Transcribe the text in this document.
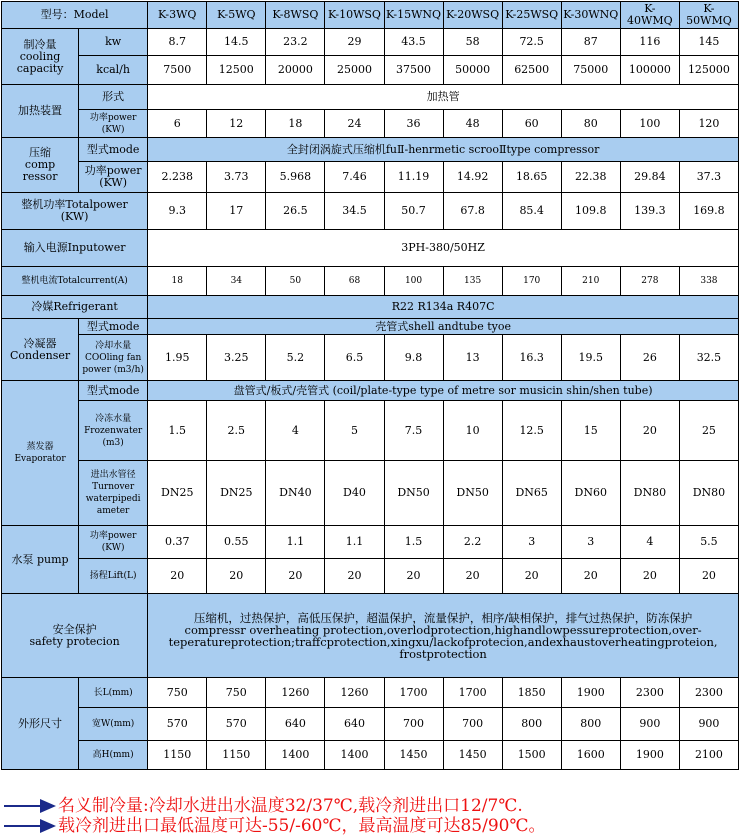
型号：Model		K-3WQ	K-5WQ	K-8WSQ	K-10WSQ	K-15WNQ	K-20WSQ	K-25WSQ	K-30WNQ	K-40WMQ	K-50WMQ
制冷量
cooling
capacity	kw	8.7	14.5	23.2	29	43.5	58	72.5	87	116	145
	kcal/h	7500	12500	20000	25000	37500	50000	62500	75000	100000	125000
加热装置	形式	加热管									
	功率power
(KW)	6	12	18	24	36	48	60	80	100	120
压缩
comp
ressor	型式mode	全封闭涡旋式压缩机fuⅡ-henrmetic scrooⅡtype compressor									
	功率power
(KW)	2.238	3.73	5.968	7.46	11.19	14.92	18.65	22.38	29.84	37.3
整机功率Totalpower
(KW)		9.3	17	26.5	34.5	50.7	67.8	85.4	109.8	139.3	169.8
输入电源Inputower		3PH-380/50HZ									
整机电流Totalcurrent(A)		18	34	50	68	100	135	170	210	278	338
冷媒Refrigerant		R22 R134a R407C									
冷凝器
Condenser	型式mode	壳管式shell andtube tyoe									
	冷却水量
COOling fan
power (m3/h)	1.95	3.25	5.2	6.5	9.8	13	16.3	19.5	26	32.5
蒸发器
Evaporator	型式mode	盘管式/板式/壳管式 (coil/plate-type type of metre sor musicin shin/shen tube)									
	冷冻水量
Frozenwater
(m3)	1.5	2.5	4	5	7.5	10	12.5	15	20	25
	进出水管径
Turnover
waterpipedi
ameter	DN25	DN25	DN40	D40	DN50	DN50	DN65	DN60	DN80	DN80
水泵 pump	功率power
(KW)	0.37	0.55	1.1	1.1	1.5	2.2	3	3	4	5.5
	扬程Lift(L)	20	20	20	20	20	20	20	20	20	20
安全保护
safety protecion		压缩机，过热保护，高低压保护，超温保护，流量保护，相序/缺相保护，排气过热保护，防冻保护
compressr overheating protection,overlodprotection,highandlowpessureprotection,over-
teperatureprotection;traffcprotection,xingxu/lackofprotecion,andexhaustoverheatingproteion,
frostprotection									
外形尺寸	长L(mm)	750	750	1260	1260	1700	1700	1850	1900	2300	2300
	宽W(mm)	570	570	640	640	700	700	800	800	900	900
	高H(mm)	1150	1150	1400	1400	1450	1450	1500	1600	1900	2100
名义制冷量:冷却水进出水温度32/37℃,载冷剂进出口12/7℃.
载冷剂进出口最低温度可达-55/-60℃，最高温度可达85/90℃。
